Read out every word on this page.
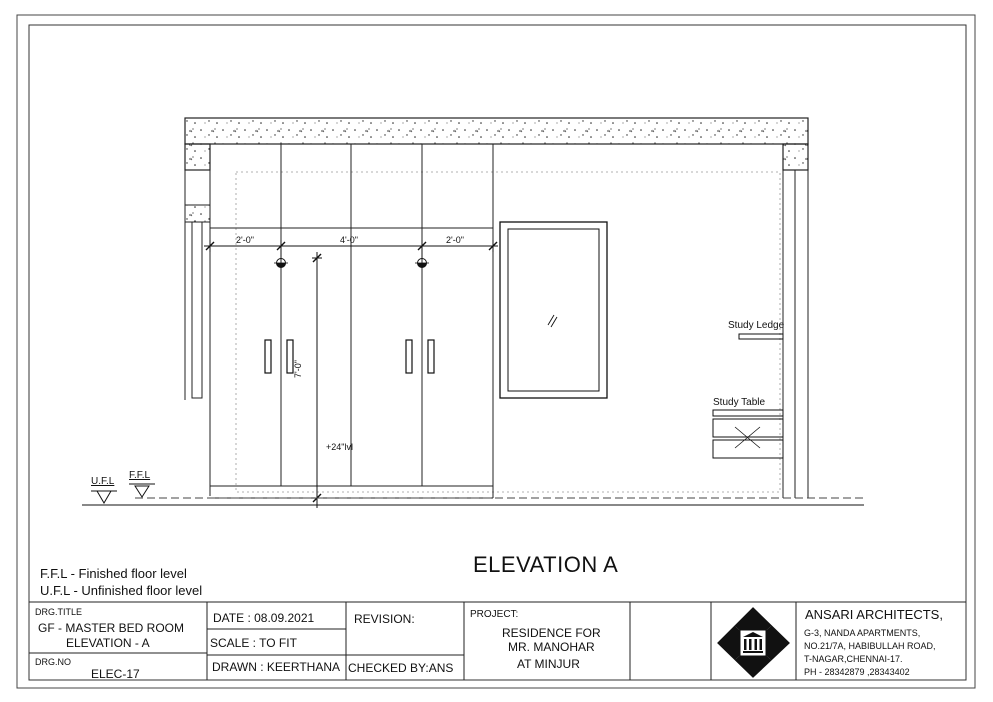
2'-0"	4'-0"	2'-0"
7'-0"
+24"lvl
Study Ledge
Study Table
U.F.L
F.F.L
ELEVATION A
F.F.L - Finished floor level
U.F.L - Unfinished floor level
DRG.TITLE
GF - MASTER BED ROOM
ELEVATION - A
DRG.NO
ELEC-17
DATE : 08.09.2021
SCALE : TO FIT
DRAWN : KEERTHANA
REVISION:
CHECKED BY:ANS
PROJECT:
RESIDENCE FOR
MR. MANOHAR
AT MINJUR
ANSARI ARCHITECTS,
G-3, NANDA APARTMENTS,
NO.21/7A, HABIBULLAH ROAD,
T-NAGAR,CHENNAI-17.
PH - 28342879 ,28343402
